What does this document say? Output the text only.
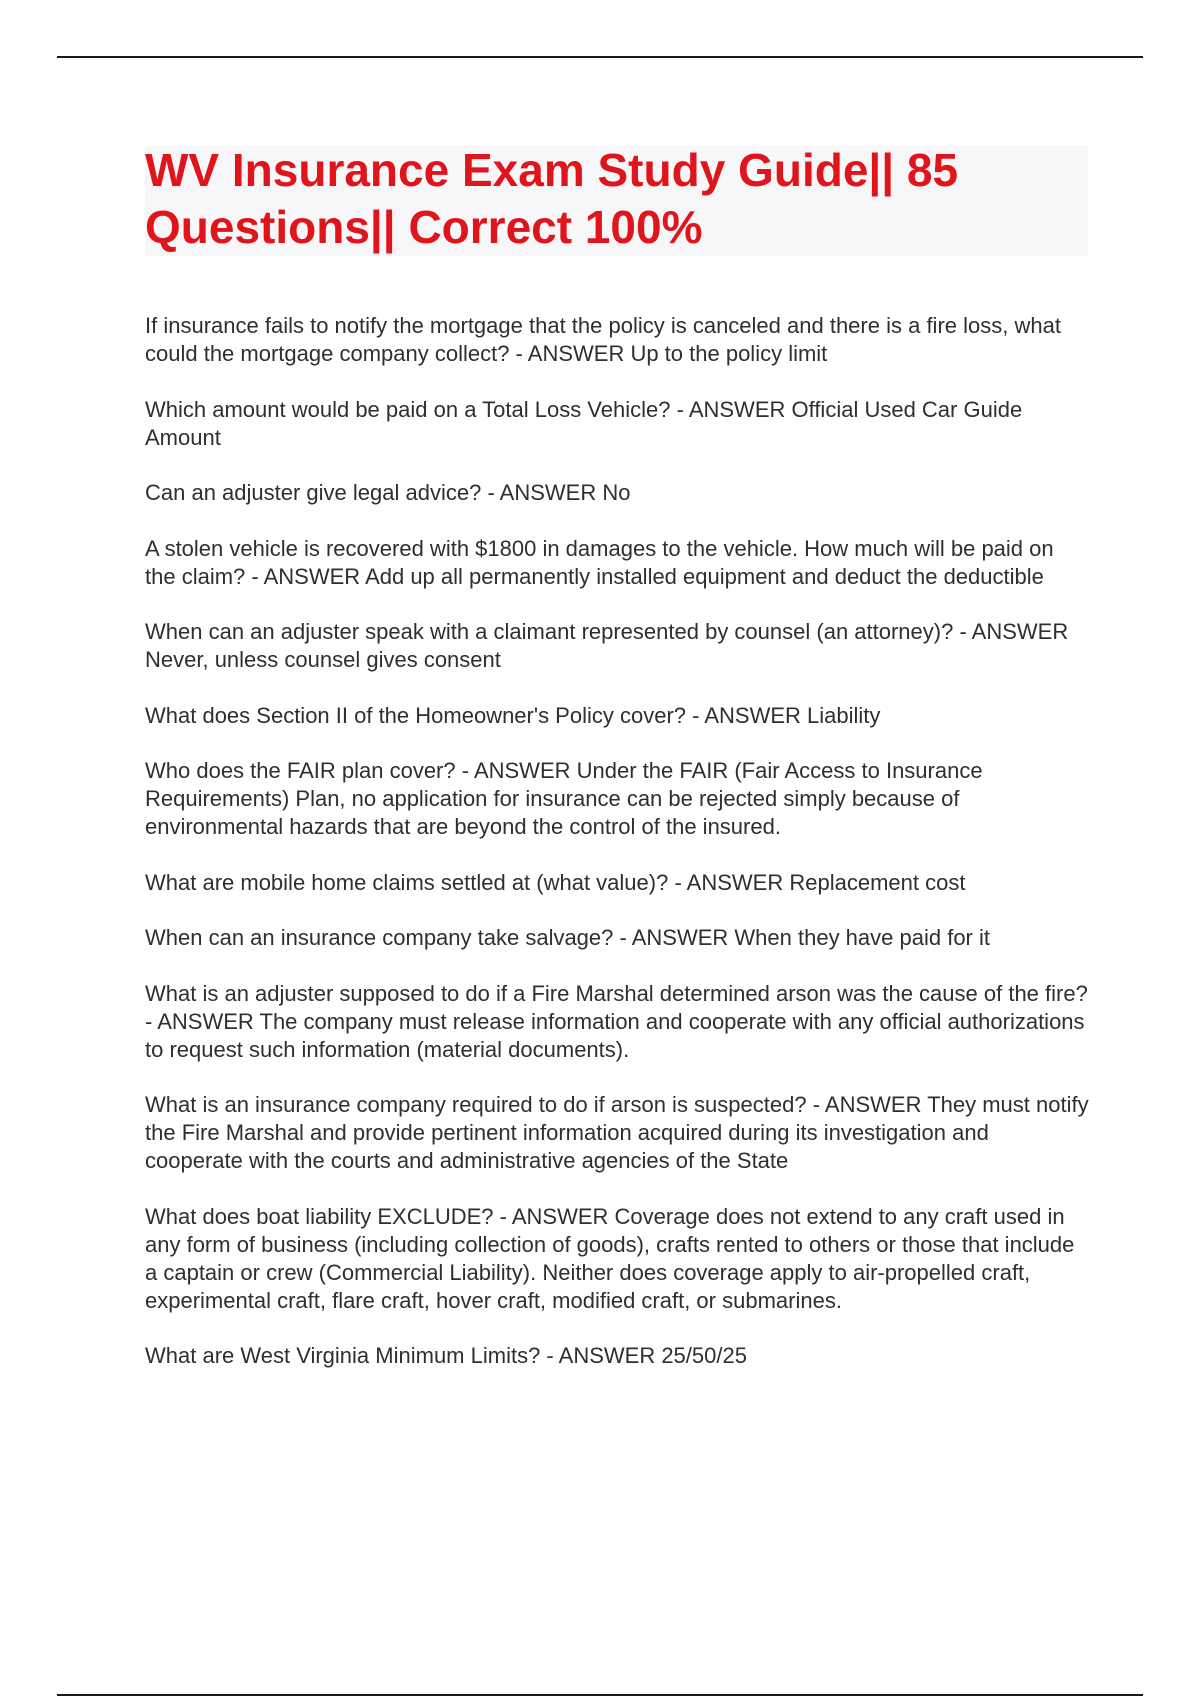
WV Insurance Exam Study Guide|| 85 Questions|| Correct 100%
If insurance fails to notify the mortgage that the policy is canceled and there is a fire loss, what could the mortgage company collect? - ANSWER Up to the policy limit
Which amount would be paid on a Total Loss Vehicle? - ANSWER Official Used Car Guide Amount
Can an adjuster give legal advice? - ANSWER No
A stolen vehicle is recovered with $1800 in damages to the vehicle. How much will be paid on the claim? - ANSWER Add up all permanently installed equipment and deduct the deductible
When can an adjuster speak with a claimant represented by counsel (an attorney)? - ANSWER Never, unless counsel gives consent
What does Section II of the Homeowner's Policy cover? - ANSWER Liability
Who does the FAIR plan cover? - ANSWER Under the FAIR (Fair Access to Insurance Requirements) Plan, no application for insurance can be rejected simply because of environmental hazards that are beyond the control of the insured.
What are mobile home claims settled at (what value)? - ANSWER Replacement cost
When can an insurance company take salvage? - ANSWER When they have paid for it
What is an adjuster supposed to do if a Fire Marshal determined arson was the cause of the fire? - ANSWER The company must release information and cooperate with any official authorizations to request such information (material documents).
What is an insurance company required to do if arson is suspected? - ANSWER They must notify the Fire Marshal and provide pertinent information acquired during its investigation and cooperate with the courts and administrative agencies of the State
What does boat liability EXCLUDE? - ANSWER Coverage does not extend to any craft used in any form of business (including collection of goods), crafts rented to others or those that include a captain or crew (Commercial Liability). Neither does coverage apply to air-propelled craft, experimental craft, flare craft, hover craft, modified craft, or submarines.
What are West Virginia Minimum Limits? - ANSWER 25/50/25
